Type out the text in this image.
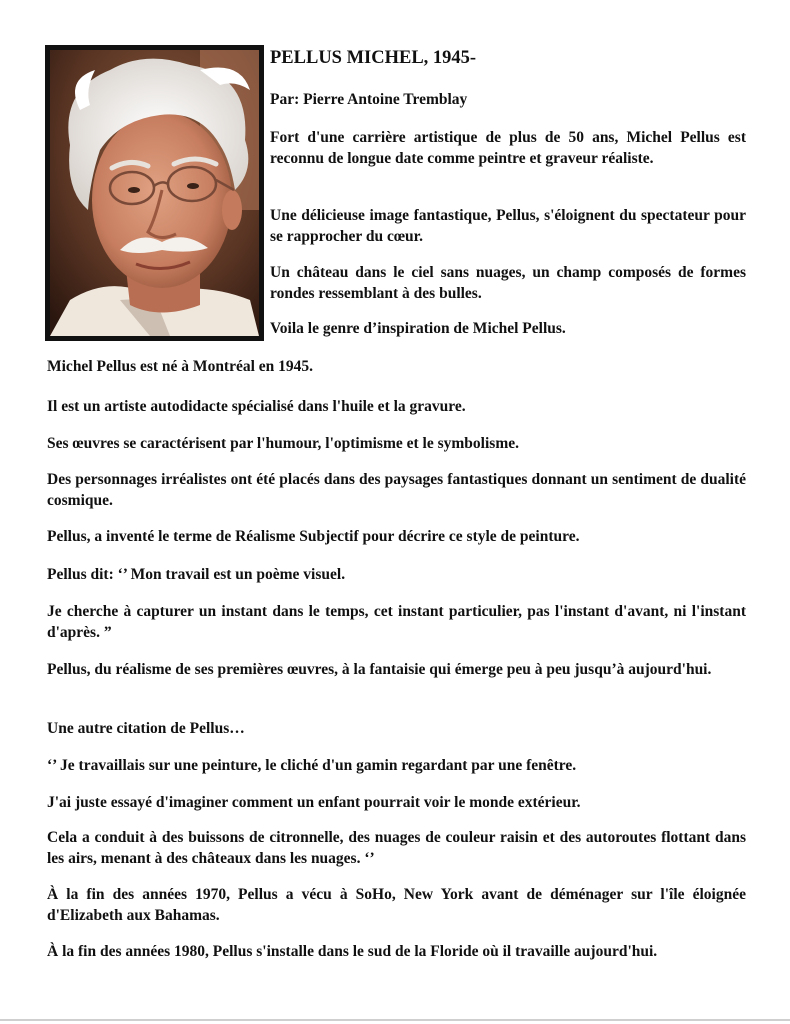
PELLUS MICHEL, 1945-
Par: Pierre Antoine Tremblay

Fort d'une carrière artistique de plus de 50 ans, Michel Pellus est reconnu de longue date comme peintre et graveur réaliste.

Une délicieuse image fantastique, Pellus, s'éloignent du spectateur pour se rapprocher du cœur.

Un château dans le ciel sans nuages, un champ composés de formes rondes ressemblant à des bulles.

Voila le genre d’inspiration de Michel Pellus.

Michel Pellus est né à Montréal en 1945.

Il est un artiste autodidacte spécialisé dans l'huile et la gravure.

Ses œuvres se caractérisent par l'humour, l'optimisme et le symbolisme.

Des personnages irréalistes ont été placés dans des paysages fantastiques donnant un sentiment de dualité cosmique.

Pellus, a inventé le terme de Réalisme Subjectif pour décrire ce style de peinture.

Pellus dit: ‘’ Mon travail est un poème visuel.

Je cherche à capturer un instant dans le temps, cet instant particulier, pas l'instant d'avant, ni l'instant d'après. ”

Pellus, du réalisme de ses premières œuvres, à la fantaisie qui émerge peu à peu jusqu’à aujourd'hui.

Une autre citation de Pellus…

‘’ Je travaillais sur une peinture, le cliché d'un gamin regardant par une fenêtre.

J'ai juste essayé d'imaginer comment un enfant pourrait voir le monde extérieur.

Cela a conduit à des buissons de citronnelle, des nuages de couleur raisin et des autoroutes flottant dans les airs, menant à des châteaux dans les nuages. ‘’

À la fin des années 1970, Pellus a vécu à SoHo, New York avant de déménager sur l'île éloignée d'Elizabeth aux Bahamas.

À la fin des années 1980, Pellus s'installe dans le sud de la Floride où il travaille aujourd'hui.
